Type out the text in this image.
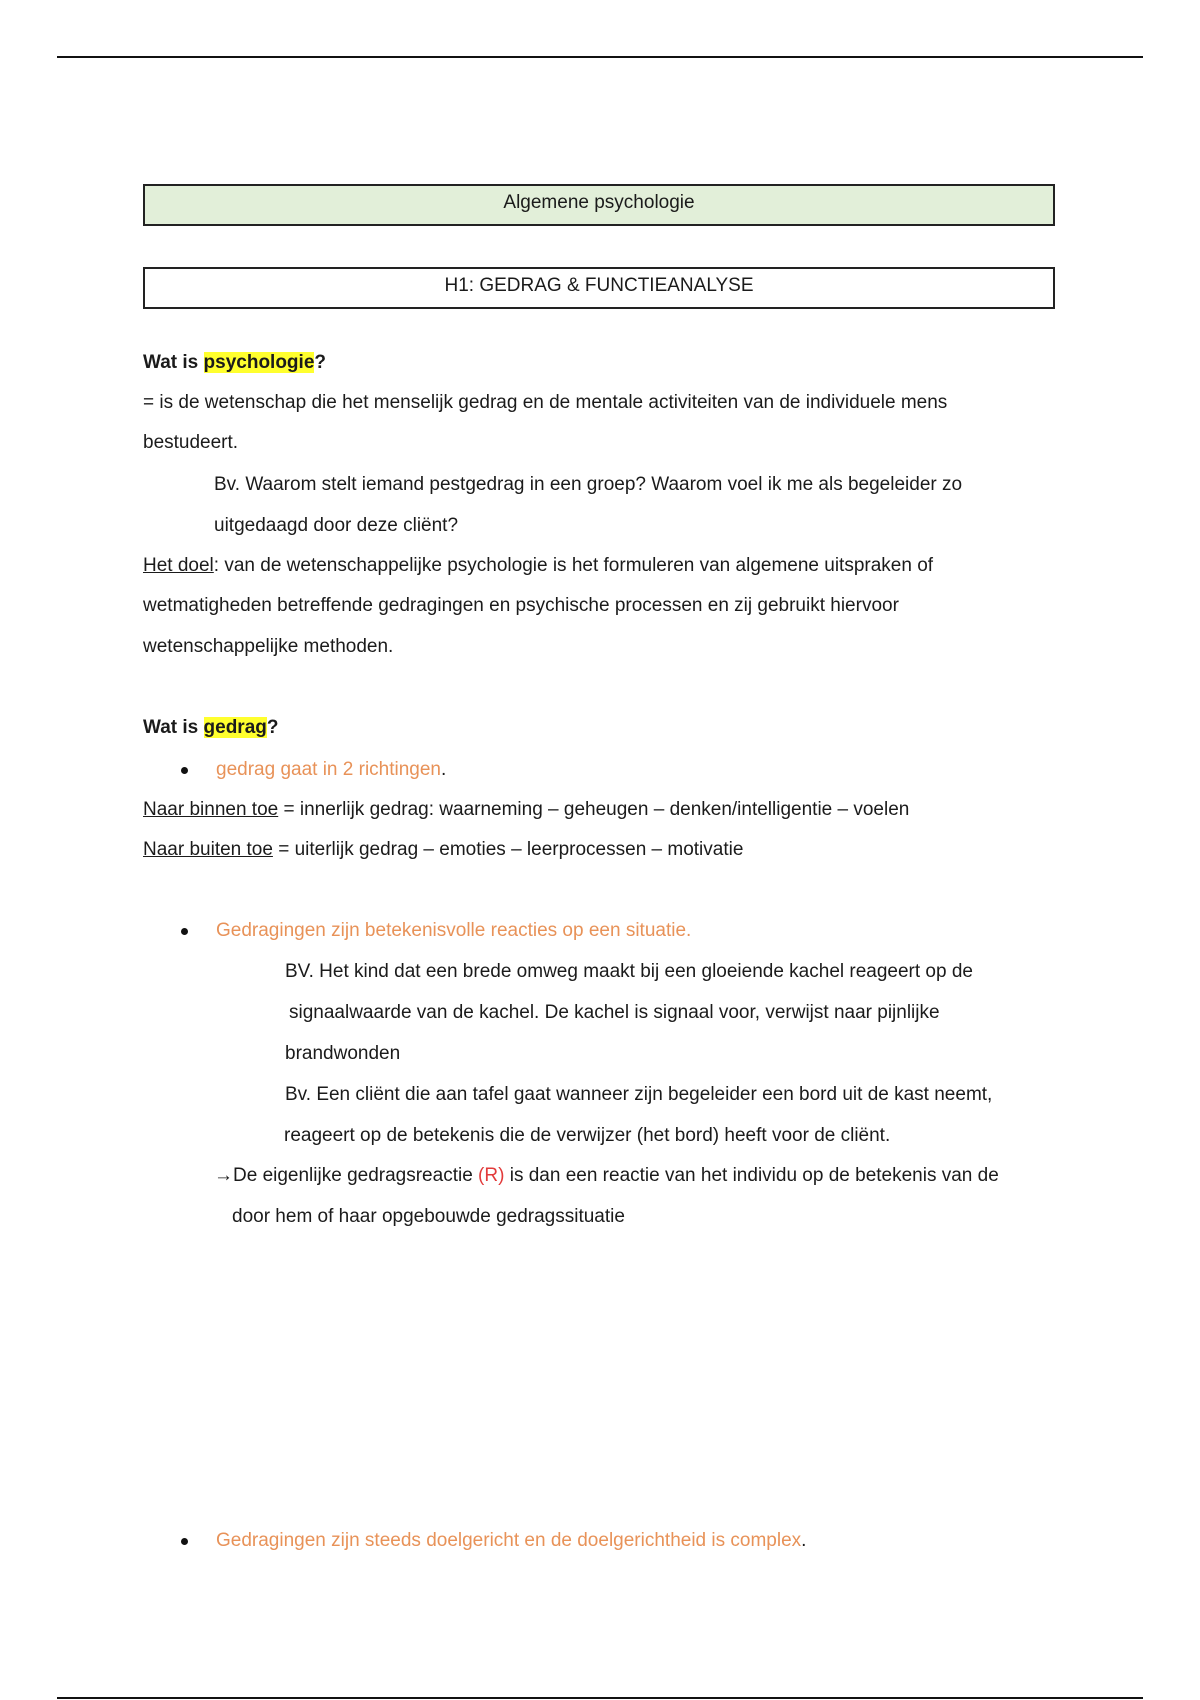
Algemene psychologie
H1: GEDRAG & FUNCTIEANALYSE
Wat is psychologie?
= is de wetenschap die het menselijk gedrag en de mentale activiteiten van de individuele mens
bestudeert.
Bv. Waarom stelt iemand pestgedrag in een groep? Waarom voel ik me als begeleider zo
uitgedaagd door deze cliënt?
Het doel: van de wetenschappelijke psychologie is het formuleren van algemene uitspraken of
wetmatigheden betreffende gedragingen en psychische processen en zij gebruikt hiervoor
wetenschappelijke methoden.
Wat is gedrag?
gedrag gaat in 2 richtingen.
Naar binnen toe = innerlijk gedrag: waarneming – geheugen – denken/intelligentie – voelen
Naar buiten toe = uiterlijk gedrag – emoties – leerprocessen – motivatie
Gedragingen zijn betekenisvolle reacties op een situatie.
BV. Het kind dat een brede omweg maakt bij een gloeiende kachel reageert op de
signaalwaarde van de kachel. De kachel is signaal voor, verwijst naar pijnlijke
brandwonden
Bv. Een cliënt die aan tafel gaat wanneer zijn begeleider een bord uit de kast neemt,
reageert op de betekenis die de verwijzer (het bord) heeft voor de cliënt.
→De eigenlijke gedragsreactie (R) is dan een reactie van het individu op de betekenis van de
door hem of haar opgebouwde gedragssituatie
Gedragingen zijn steeds doelgericht en de doelgerichtheid is complex.
